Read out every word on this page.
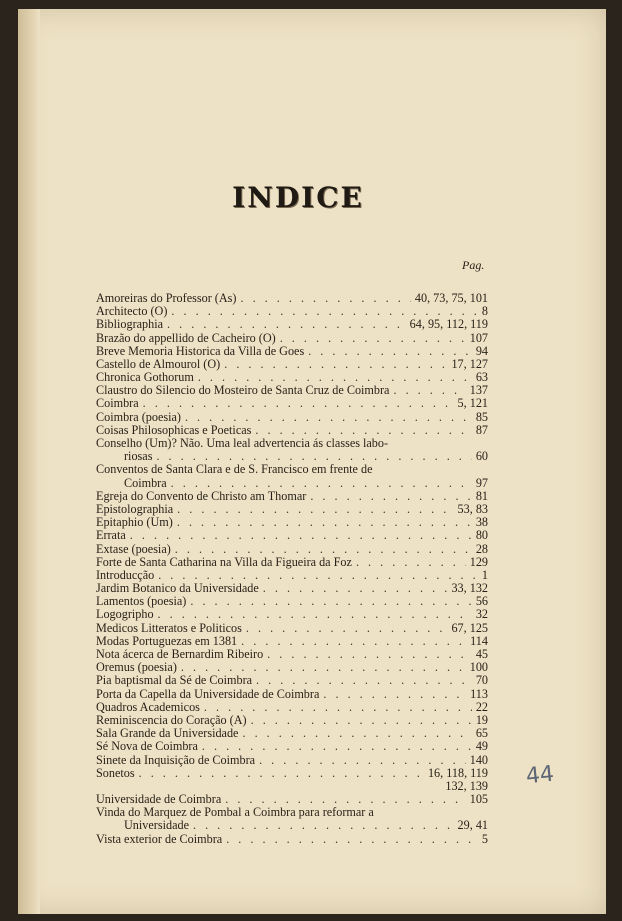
INDICE
Pag.
Amoreiras do Professor (As) . . .	40, 73, 75, 101
Architecto (O) . . .	8
Bibliographia . . .	64, 95, 112, 119
Brazão do appellido de Cacheiro (O) . . .	107
Breve Memoria Historica da Villa de Goes . . .	94
Castello de Almourol (O) . . .	17, 127
Chronica Gothorum . . .	63
Claustro do Silencio do Mosteiro de Santa Cruz de Coimbra . . .	137
Coimbra . . .	5, 121
Coimbra (poesia) . . .	85
Coisas Philosophicas e Poeticas . . .	87
Conselho (Um)? Não. Uma leal advertencia ás classes labo-
riosas . . .	60
Conventos de Santa Clara e de S. Francisco em frente de
Coimbra . . .	97
Egreja do Convento de Christo am Thomar . . .	81
Epistolographia . . .	53, 83
Epitaphio (Um) . . .	38
Errata . . .	80
Extase (poesia) . . .	28
Forte de Santa Catharina na Villa da Figueira da Foz . . .	129
Introducção . . .	1
Jardim Botanico da Universidade . . .	33, 132
Lamentos (poesia) . . .	56
Logogripho . . .	32
Medicos Litteratos e Politicos . . .	67, 125
Modas Portuguezas em 1381 . . .	114
Nota ácerca de Bernardim Ribeiro . . .	45
Oremus (poesia) . . .	100
Pia baptismal da Sé de Coimbra . . .	70
Porta da Capella da Universidade de Coimbra . . .	113
Quadros Academicos . . .	22
Reminiscencia do Coração (A) . . .	19
Sala Grande da Universidade . . .	65
Sé Nova de Coimbra . . .	49
Sinete da Inquisição de Coimbra . . .	140
Sonetos . . .	16, 118, 119
132, 139
Universidade de Coimbra . . .	105
Vinda do Marquez de Pombal a Coimbra para reformar a
Universidade . . .	29, 41
Vista exterior de Coimbra . . .	5
44
